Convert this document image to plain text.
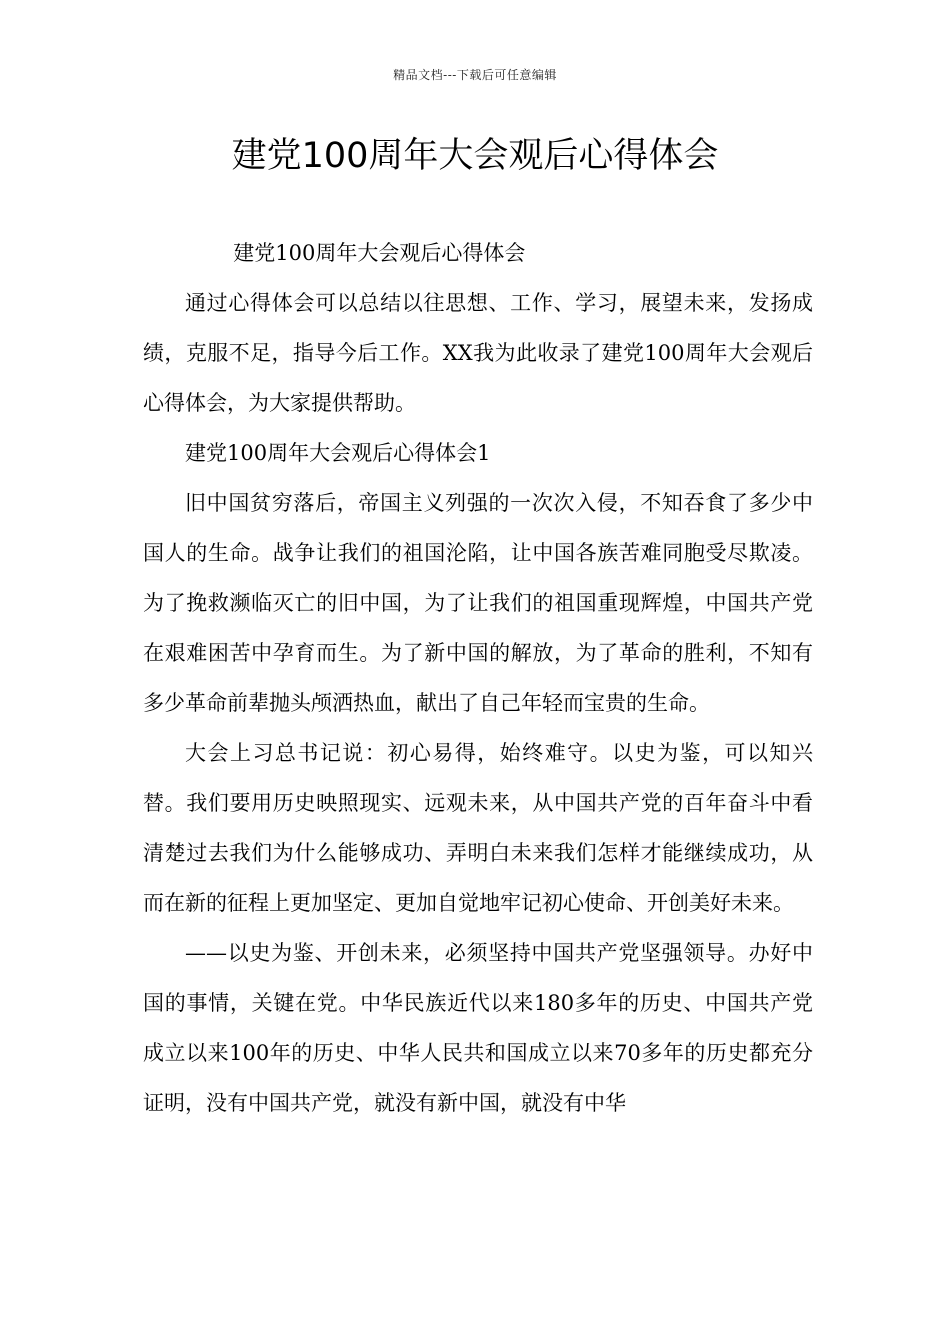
精品文档---下载后可任意编辑
建党100周年大会观后心得体会

建党100周年大会观后心得体会

通过心得体会可以总结以往思想、工作、学习，展望未来，发扬成绩，克服不足，指导今后工作。XX我为此收录了建党100周年大会观后心得体会，为大家提供帮助。

建党100周年大会观后心得体会1

旧中国贫穷落后，帝国主义列强的一次次入侵，不知吞食了多少中国人的生命。战争让我们的祖国沦陷，让中国各族苦难同胞受尽欺凌。为了挽救濒临灭亡的旧中国，为了让我们的祖国重现辉煌，中国共产党在艰难困苦中孕育而生。为了新中国的解放，为了革命的胜利，不知有多少革命前辈抛头颅洒热血，献出了自己年轻而宝贵的生命。

大会上习总书记说：初心易得，始终难守。以史为鉴，可以知兴替。我们要用历史映照现实、远观未来，从中国共产党的百年奋斗中看清楚过去我们为什么能够成功、弄明白未来我们怎样才能继续成功，从而在新的征程上更加坚定、更加自觉地牢记初心使命、开创美好未来。

——以史为鉴、开创未来，必须坚持中国共产党坚强领导。办好中国的事情，关键在党。中华民族近代以来180多年的历史、中国共产党成立以来100年的历史、中华人民共和国成立以来70多年的历史都充分证明，没有中国共产党，就没有新中国，就没有中华
